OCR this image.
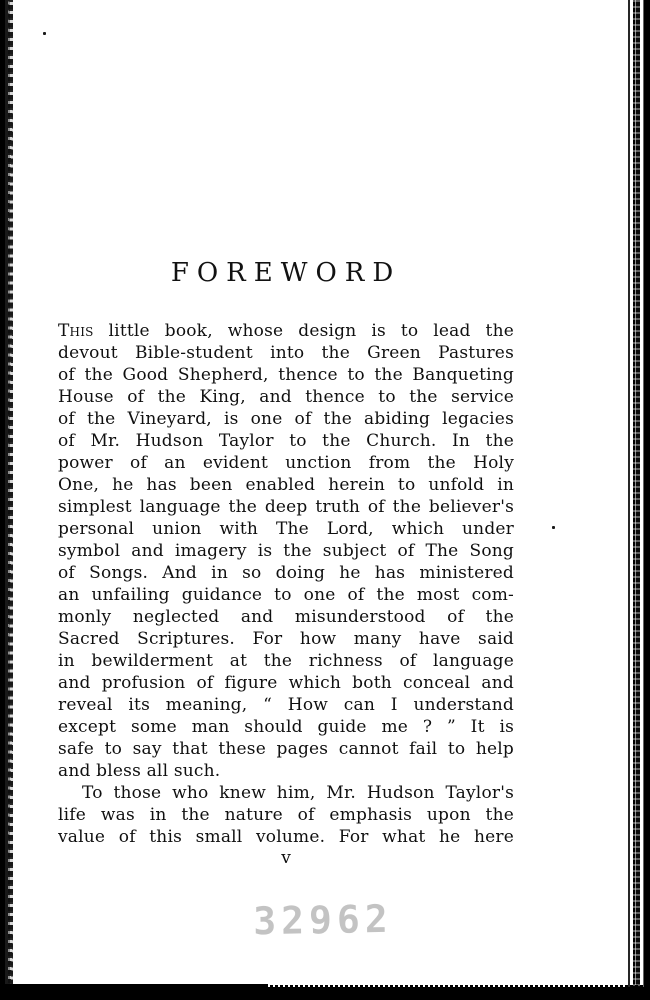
FOREWORD
This little book, whose design is to lead the
devout Bible-student into the Green Pastures
of the Good Shepherd, thence to the Banqueting
House of the King, and thence to the service
of the Vineyard, is one of the abiding legacies
of Mr. Hudson Taylor to the Church. In the
power of an evident unction from the Holy
One, he has been enabled herein to unfold in
simplest language the deep truth of the believer's
personal union with The Lord, which under
symbol and imagery is the subject of The Song
of Songs. And in so doing he has ministered
an unfailing guidance to one of the most com-
monly neglected and misunderstood of the
Sacred Scriptures. For how many have said
in bewilderment at the richness of language
and profusion of figure which both conceal and
reveal its meaning, “ How can I understand
except some man should guide me ? ” It is
safe to say that these pages cannot fail to help
and bless all such.
To those who knew him, Mr. Hudson Taylor's
life was in the nature of emphasis upon the
value of this small volume. For what he here
v
32962
